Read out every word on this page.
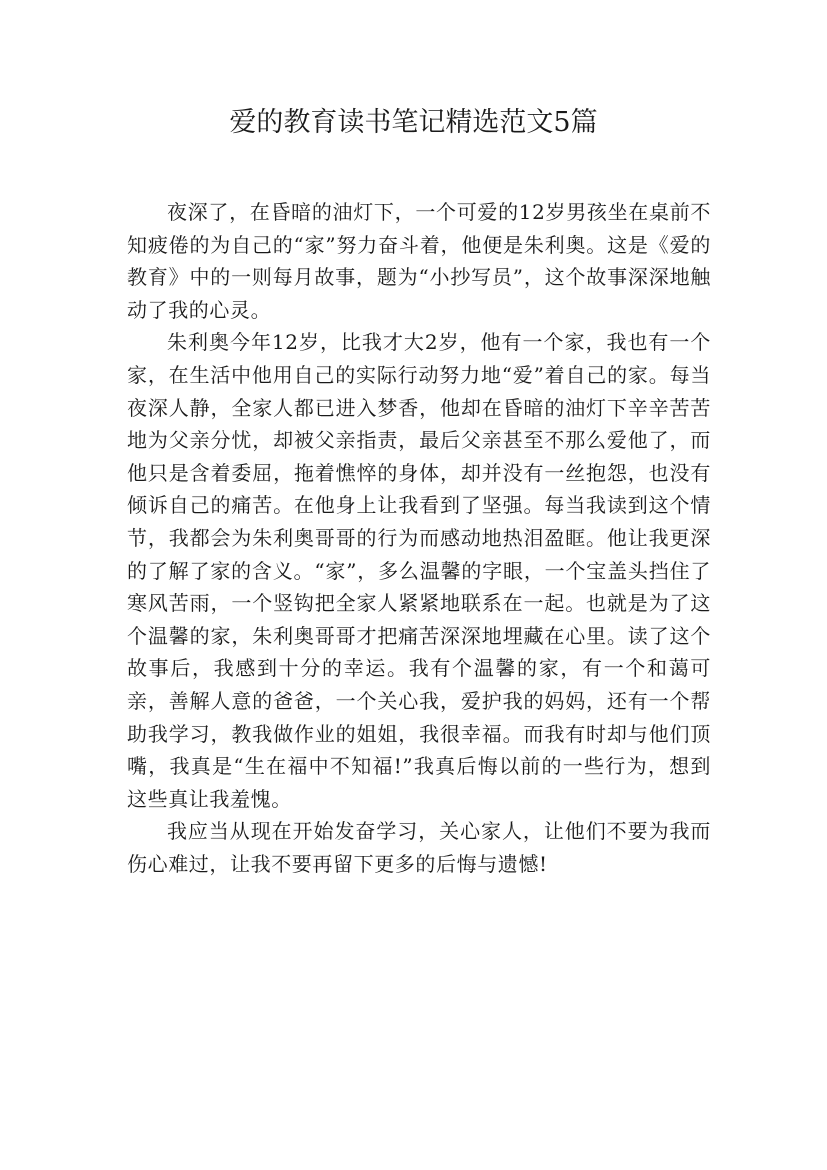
爱的教育读书笔记精选范文5篇

夜深了，在昏暗的油灯下，一个可爱的12岁男孩坐在桌前不知疲倦的为自己的“家”努力奋斗着，他便是朱利奥。这是《爱的教育》中的一则每月故事，题为“小抄写员”，这个故事深深地触动了我的心灵。

朱利奥今年12岁，比我才大2岁，他有一个家，我也有一个家，在生活中他用自己的实际行动努力地“爱”着自己的家。每当夜深人静，全家人都已进入梦香，他却在昏暗的油灯下辛辛苦苦地为父亲分忧，却被父亲指责，最后父亲甚至不那么爱他了，而他只是含着委屈，拖着憔悴的身体，却并没有一丝抱怨，也没有倾诉自己的痛苦。在他身上让我看到了坚强。每当我读到这个情节，我都会为朱利奥哥哥的行为而感动地热泪盈眶。他让我更深的了解了家的含义。“家”，多么温馨的字眼，一个宝盖头挡住了寒风苦雨，一个竖钩把全家人紧紧地联系在一起。也就是为了这个温馨的家，朱利奥哥哥才把痛苦深深地埋藏在心里。读了这个故事后，我感到十分的幸运。我有个温馨的家，有一个和蔼可亲，善解人意的爸爸，一个关心我，爱护我的妈妈，还有一个帮助我学习，教我做作业的姐姐，我很幸福。而我有时却与他们顶嘴，我真是“生在福中不知福!”我真后悔以前的一些行为，想到这些真让我羞愧。

我应当从现在开始发奋学习，关心家人，让他们不要为我而伤心难过，让我不要再留下更多的后悔与遗憾!
